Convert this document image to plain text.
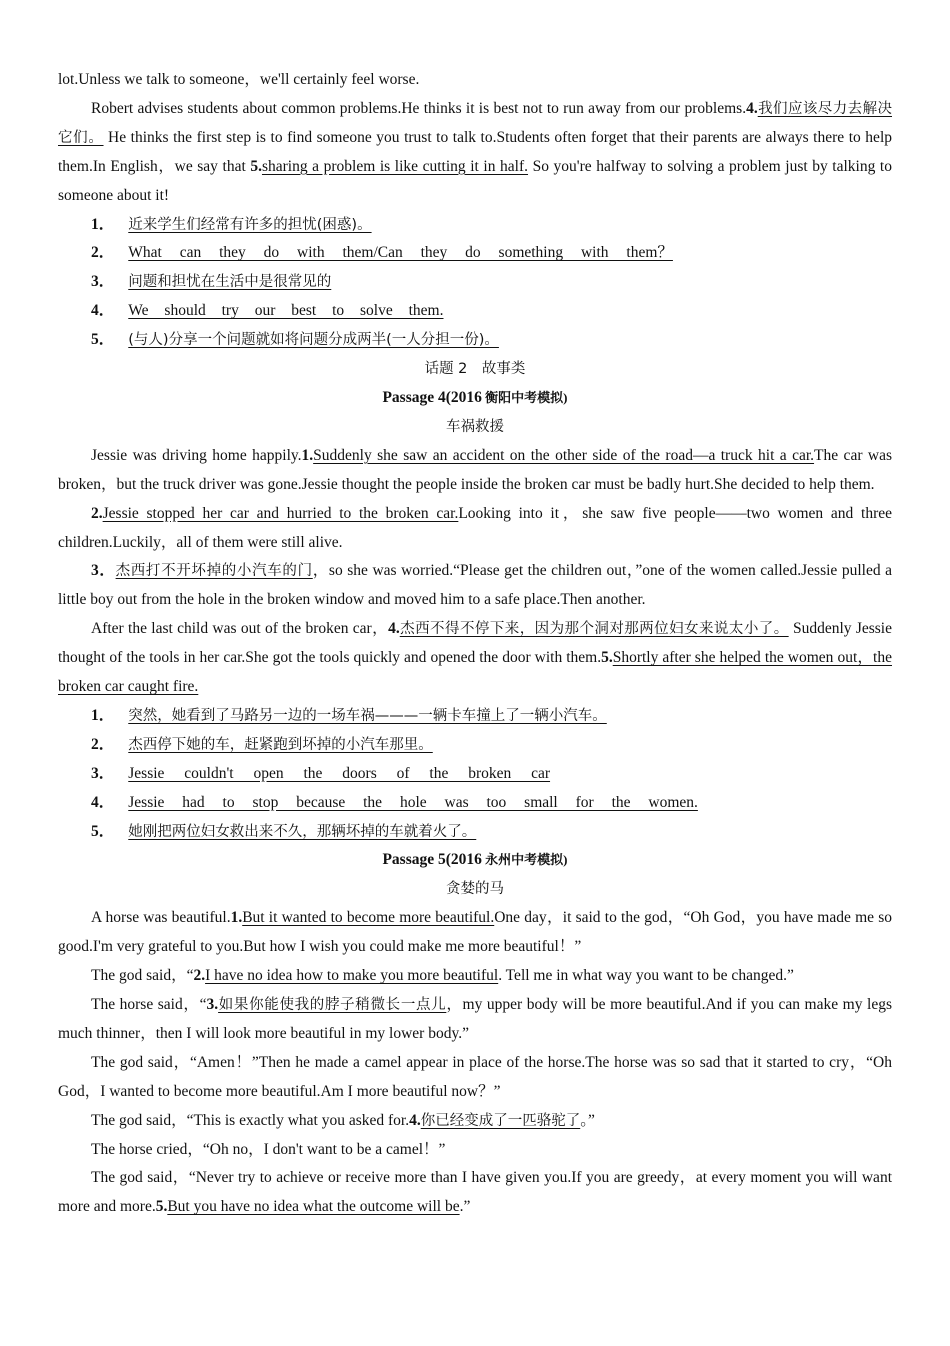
lot.Unless we talk to someone，we'll certainly feel worse.

Robert advises students about common problems.He thinks it is best not to run away from our problems.4.我们应该尽力去解决它们。 He thinks the first step is to find someone you trust to talk to.Students often forget that their parents are always there to help them.In English，we say that 5.sharing a problem is like cutting it in half. So you're halfway to solving a problem just by talking to someone about it!

1． 近来学生们经常有许多的担忧(困惑)。

2． What can they do with them/Can they do something with them？

3． 问题和担忧在生活中是很常见的

4． We should try our best to solve them.

5． (与人)分享一个问题就如将问题分成两半(一人分担一份)。

话题 2　故事类

Passage 4(2016 衡阳中考模拟)

车祸救援

Jessie was driving home happily.1.Suddenly she saw an accident on the other side of the road—a truck hit a car.The car was broken，but the truck driver was gone.Jessie thought the people inside the broken car must be badly hurt.She decided to help them.

2.Jessie stopped her car and hurried to the broken car.Looking into it，she saw five people——two women and three children.Luckily，all of them were still alive.

3．杰西打不开坏掉的小汽车的门，so she was worried.“Please get the children out，”one of the women called.Jessie pulled a little boy out from the hole in the broken window and moved him to a safe place.Then another.

After the last child was out of the broken car，4.杰西不得不停下来，因为那个洞对那两位妇女来说太小了。 Suddenly Jessie thought of the tools in her car.She got the tools quickly and opened the door with them.5.Shortly after she helped the women out，the broken car caught fire.

1． 突然，她看到了马路另一边的一场车祸———一辆卡车撞上了一辆小汽车。

2． 杰西停下她的车，赶紧跑到坏掉的小汽车那里。

3． Jessie couldn't open the doors of the broken car

4． Jessie had to stop because the hole was too small for the women.

5． 她刚把两位妇女救出来不久，那辆坏掉的车就着火了。

Passage 5(2016 永州中考模拟)

贪婪的马

A horse was beautiful.1.But it wanted to become more beautiful.One day，it said to the god，“Oh God，you have made me so good.I'm very grateful to you.But how I wish you could make me more beautiful！”

The god said，“2.I have no idea how to make you more beautiful. Tell me in what way you want to be changed.”

The horse said，“3.如果你能使我的脖子稍微长一点儿，my upper body will be more beautiful.And if you can make my legs much thinner，then I will look more beautiful in my lower body.”

The god said，“Amen！”Then he made a camel appear in place of the horse.The horse was so sad that it started to cry，“Oh God，I wanted to become more beautiful.Am I more beautiful now？”

The god said，“This is exactly what you asked for.4.你已经变成了一匹骆驼了。”

The horse cried，“Oh no，I don't want to be a camel！”

The god said，“Never try to achieve or receive more than I have given you.If you are greedy，at every moment you will want more and more.5.But you have no idea what the outcome will be.”
